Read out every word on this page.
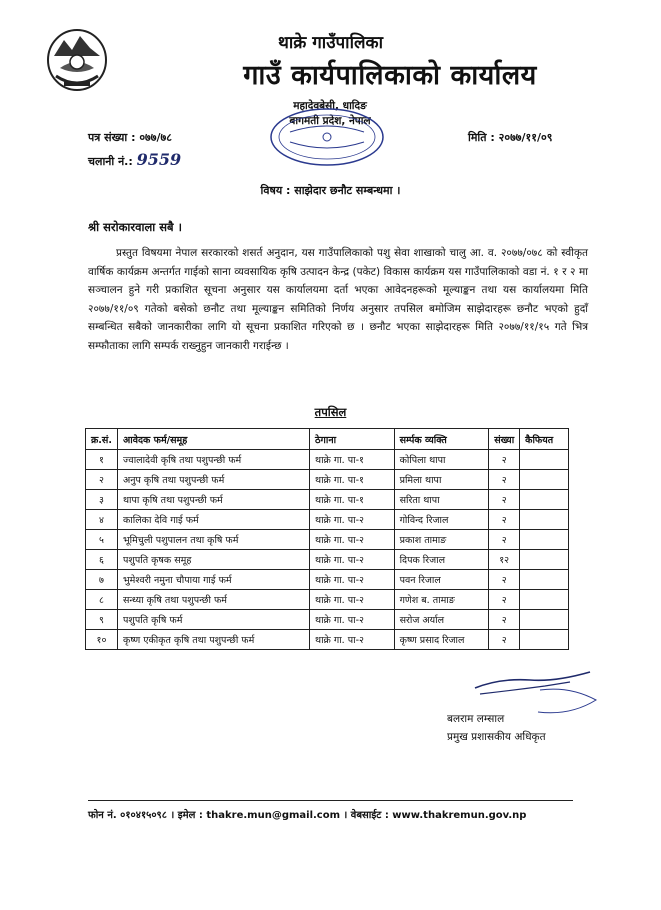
थाक्रे गाउँपालिका
गाउँ कार्यपालिकाको कार्यालय
महादेवबेसी, धादिङ
बागमती प्रदेश, नेपाल
पत्र संख्या : ०७७/७८
चलानी नं.: 9559
मिति : २०७७/११/०९
विषय : साझेदार छनौट सम्बन्धमा ।
श्री सरोकारवाला सबै ।
प्रस्तुत विषयमा नेपाल सरकारको शसर्त अनुदान, यस गाउँपालिकाको पशु सेवा शाखाको चालु आ. व. २०७७/०७८ को स्वीकृत वार्षिक कार्यक्रम अन्तर्गत गाईको साना व्यवसायिक कृषि उत्पादन केन्द्र (पकेट) विकास कार्यक्रम यस गाउँपालिकाको वडा नं. १ र २ मा सञ्चालन हुने गरी प्रकाशित सूचना अनुसार यस कार्यालयमा दर्ता भएका आवेदनहरूको मूल्याङ्कन तथा यस कार्यालयमा मिति २०७७/११/०९ गतेको बसेको छनौट तथा मूल्याङ्कन समितिको निर्णय अनुसार तपसिल बमोजिम साझेदारहरू छनौट भएको हुदाँ सम्बन्धित सबैको जानकारीका लागि यो सूचना प्रकाशित गरिएको छ । छनौट भएका साझेदारहरू मिति २०७७/११/१५ गते भित्र सम्फौताका लागि सम्पर्क राख्नुहुन जानकारी गराईन्छ ।
तपसिल
क्र.सं.	आवेदक फर्म/समूह	ठेगाना	सर्म्पक व्यक्ति	संख्या	कैफियत
१	ज्वालादेवी कृषि तथा पशुपन्छी फर्म	थाक्रे गा. पा-१	कोपिला थापा	२	
२	अनुप कृषि तथा पशुपन्छी फर्म	थाक्रे गा. पा-१	प्रमिला थापा	२	
३	थापा कृषि तथा पशुपन्छी फर्म	थाक्रे गा. पा-१	सरिता थापा	२	
४	कालिका देवि गाई फर्म	थाक्रे गा. पा-२	गोविन्द रिजाल	२	
५	भूमिचुली पशुपालन तथा कृषि फर्म	थाक्रे गा. पा-२	प्रकाश तामाङ	२	
६	पशुपति कृषक समूह	थाक्रे गा. पा-२	दिपक रिजाल	१२	
७	भुमेश्वरी नमुना चौपाया गाई फर्म	थाक्रे गा. पा-२	पवन रिजाल	२	
८	सन्ध्या कृषि तथा पशुपन्छी फर्म	थाक्रे गा. पा-२	गणेश ब. तामाङ	२	
९	पशुपति कृषि फर्म	थाक्रे गा. पा-२	सरोज अर्याल	२	
१०	कृष्ण एकीकृत कृषि तथा पशुपन्छी फर्म	थाक्रे गा. पा-२	कृष्ण प्रसाद रिजाल	२	
बलराम लम्साल
प्रमुख प्रशासकीय अधिकृत
फोन नं. ०१०४१५०९८ । इमेल : thakre.mun@gmail.com । वेबसाईट : www.thakremun.gov.np
